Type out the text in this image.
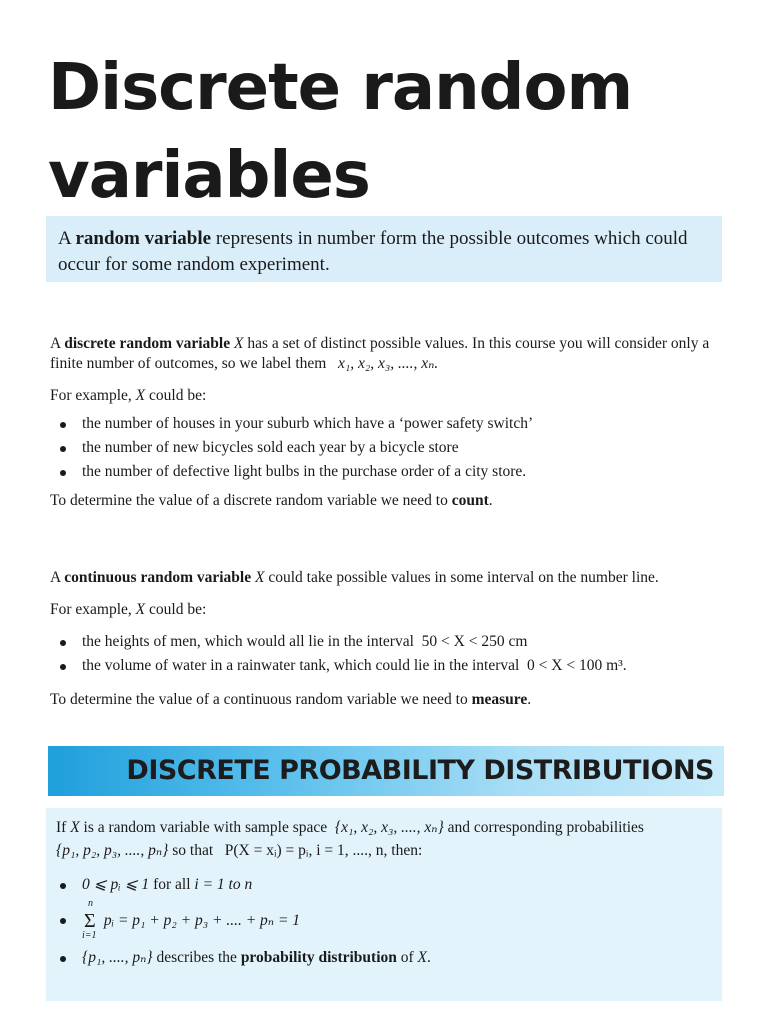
Discrete random
variables
A random variable represents in number form the possible outcomes which could occur for some random experiment.
A discrete random variable X has a set of distinct possible values. In this course you will consider only a finite number of outcomes, so we label them x₁, x₂, x₃, ...., xₙ.
For example, X could be:
the number of houses in your suburb which have a ‘power safety switch’
the number of new bicycles sold each year by a bicycle store
the number of defective light bulbs in the purchase order of a city store.
To determine the value of a discrete random variable we need to count.
A continuous random variable X could take possible values in some interval on the number line.
For example, X could be:
the heights of men, which would all lie in the interval 50 < X < 250 cm
the volume of water in a rainwater tank, which could lie in the interval 0 < X < 100 m³.
To determine the value of a continuous random variable we need to measure.
DISCRETE PROBABILITY DISTRIBUTIONS
If X is a random variable with sample space {x₁, x₂, x₃, ...., xₙ} and corresponding probabilities
{p₁, p₂, p₃, ...., pₙ} so that   P(X = xᵢ) = pᵢ, i = 1, ...., n, then:
0 ⩽ pᵢ ⩽ 1 for all i = 1 to n
n
Σ
i=1
pᵢ = p₁ + p₂ + p₃ + .... + pₙ = 1
{p₁, ...., pₙ} describes the probability distribution of X.
